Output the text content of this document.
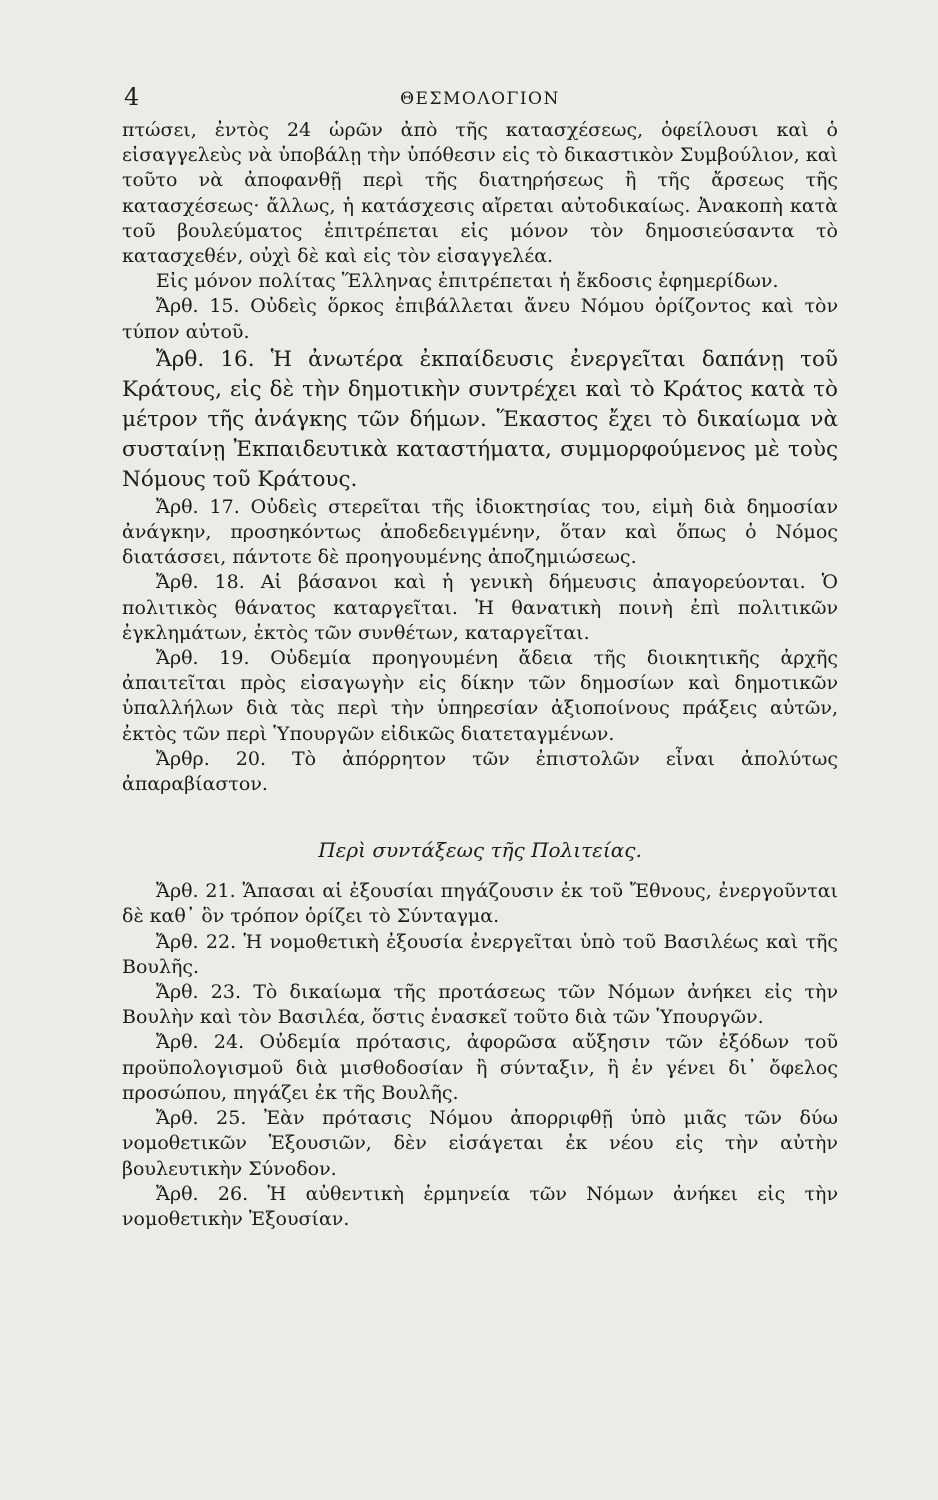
4	ΘΕΣΜΟΛΟΓΙΟΝ

πτώσει, ἐντὸς 24 ὡρῶν ἀπὸ τῆς κατασχέσεως, ὀφείλουσι καὶ ὁ εἰσαγγελεὺς νὰ ὑποβάλῃ τὴν ὑπόθεσιν εἰς τὸ δικαστικὸν Συμβούλιον, καὶ τοῦτο νὰ ἀποφανθῇ περὶ τῆς διατηρήσεως ἢ τῆς ἄρσεως τῆς κατασχέσεως· ἄλλως, ἡ κατάσχεσις αἴρεται αὐτοδικαίως. Ἀνακοπὴ κατὰ τοῦ βουλεύματος ἐπιτρέπεται εἰς μόνον τὸν δημοσιεύσαντα τὸ κατασχεθέν, οὐχὶ δὲ καὶ εἰς τὸν εἰσαγγελέα.

Εἰς μόνον πολίτας Ἕλληνας ἐπιτρέπεται ἡ ἔκδοσις ἐφημερίδων.

Ἄρθ. 15. Οὐδεὶς ὅρκος ἐπιβάλλεται ἄνευ Νόμου ὁρίζοντος καὶ τὸν τύπον αὐτοῦ.

Ἄρθ. 16. Ἡ ἀνωτέρα ἐκπαίδευσις ἐνεργεῖται δαπάνῃ τοῦ Κράτους, εἰς δὲ τὴν δημοτικὴν συντρέχει καὶ τὸ Κράτος κατὰ τὸ μέτρον τῆς ἀνάγκης τῶν δήμων. Ἕκαστος ἔχει τὸ δικαίωμα νὰ συσταίνῃ Ἐκπαιδευτικὰ καταστήματα, συμμορφούμενος μὲ τοὺς Νόμους τοῦ Κράτους.

Ἄρθ. 17. Οὐδεὶς στερεῖται τῆς ἰδιοκτησίας του, εἰμὴ διὰ δημοσίαν ἀνάγκην, προσηκόντως ἀποδεδειγμένην, ὅταν καὶ ὅπως ὁ Νόμος διατάσσει, πάντοτε δὲ προηγουμένης ἀποζημιώσεως.

Ἄρθ. 18. Αἱ βάσανοι καὶ ἡ γενικὴ δήμευσις ἀπαγορεύονται. Ὁ πολιτικὸς θάνατος καταργεῖται. Ἡ θανατικὴ ποινὴ ἐπὶ πολιτικῶν ἐγκλημάτων, ἐκτὸς τῶν συνθέτων, καταργεῖται.

Ἄρθ. 19. Οὐδεμία προηγουμένη ἄδεια τῆς διοικητικῆς ἀρχῆς ἀπαιτεῖται πρὸς εἰσαγωγὴν εἰς δίκην τῶν δημοσίων καὶ δημοτικῶν ὑπαλλήλων διὰ τὰς περὶ τὴν ὑπηρεσίαν ἀξιοποίνους πράξεις αὐτῶν, ἐκτὸς τῶν περὶ Ὑπουργῶν εἰδικῶς διατεταγμένων.

Ἄρθρ. 20. Τὸ ἀπόρρητον τῶν ἐπιστολῶν εἶναι ἀπολύτως ἀπαραβίαστον.

Περὶ συντάξεως τῆς Πολιτείας.

Ἄρθ. 21. Ἅπασαι αἱ ἐξουσίαι πηγάζουσιν ἐκ τοῦ Ἔθνους, ἐνεργοῦνται δὲ καθ᾽ ὃν τρόπον ὁρίζει τὸ Σύνταγμα.

Ἄρθ. 22. Ἡ νομοθετικὴ ἐξουσία ἐνεργεῖται ὑπὸ τοῦ Βασιλέως καὶ τῆς Βουλῆς.

Ἄρθ. 23. Τὸ δικαίωμα τῆς προτάσεως τῶν Νόμων ἀνήκει εἰς τὴν Βουλὴν καὶ τὸν Βασιλέα, ὅστις ἐνασκεῖ τοῦτο διὰ τῶν Ὑπουργῶν.

Ἄρθ. 24. Οὐδεμία πρότασις, ἀφορῶσα αὔξησιν τῶν ἐξόδων τοῦ προϋπολογισμοῦ διὰ μισθοδοσίαν ἢ σύνταξιν, ἢ ἐν γένει δι᾽ ὄφελος προσώπου, πηγάζει ἐκ τῆς Βουλῆς.

Ἄρθ. 25. Ἐὰν πρότασις Νόμου ἀπορριφθῇ ὑπὸ μιᾶς τῶν δύω νομοθετικῶν Ἐξουσιῶν, δὲν εἰσάγεται ἐκ νέου εἰς τὴν αὐτὴν βουλευτικὴν Σύνοδον.

Ἄρθ. 26. Ἡ αὐθεντικὴ ἑρμηνεία τῶν Νόμων ἀνήκει εἰς τὴν νομοθετικὴν Ἐξουσίαν.
